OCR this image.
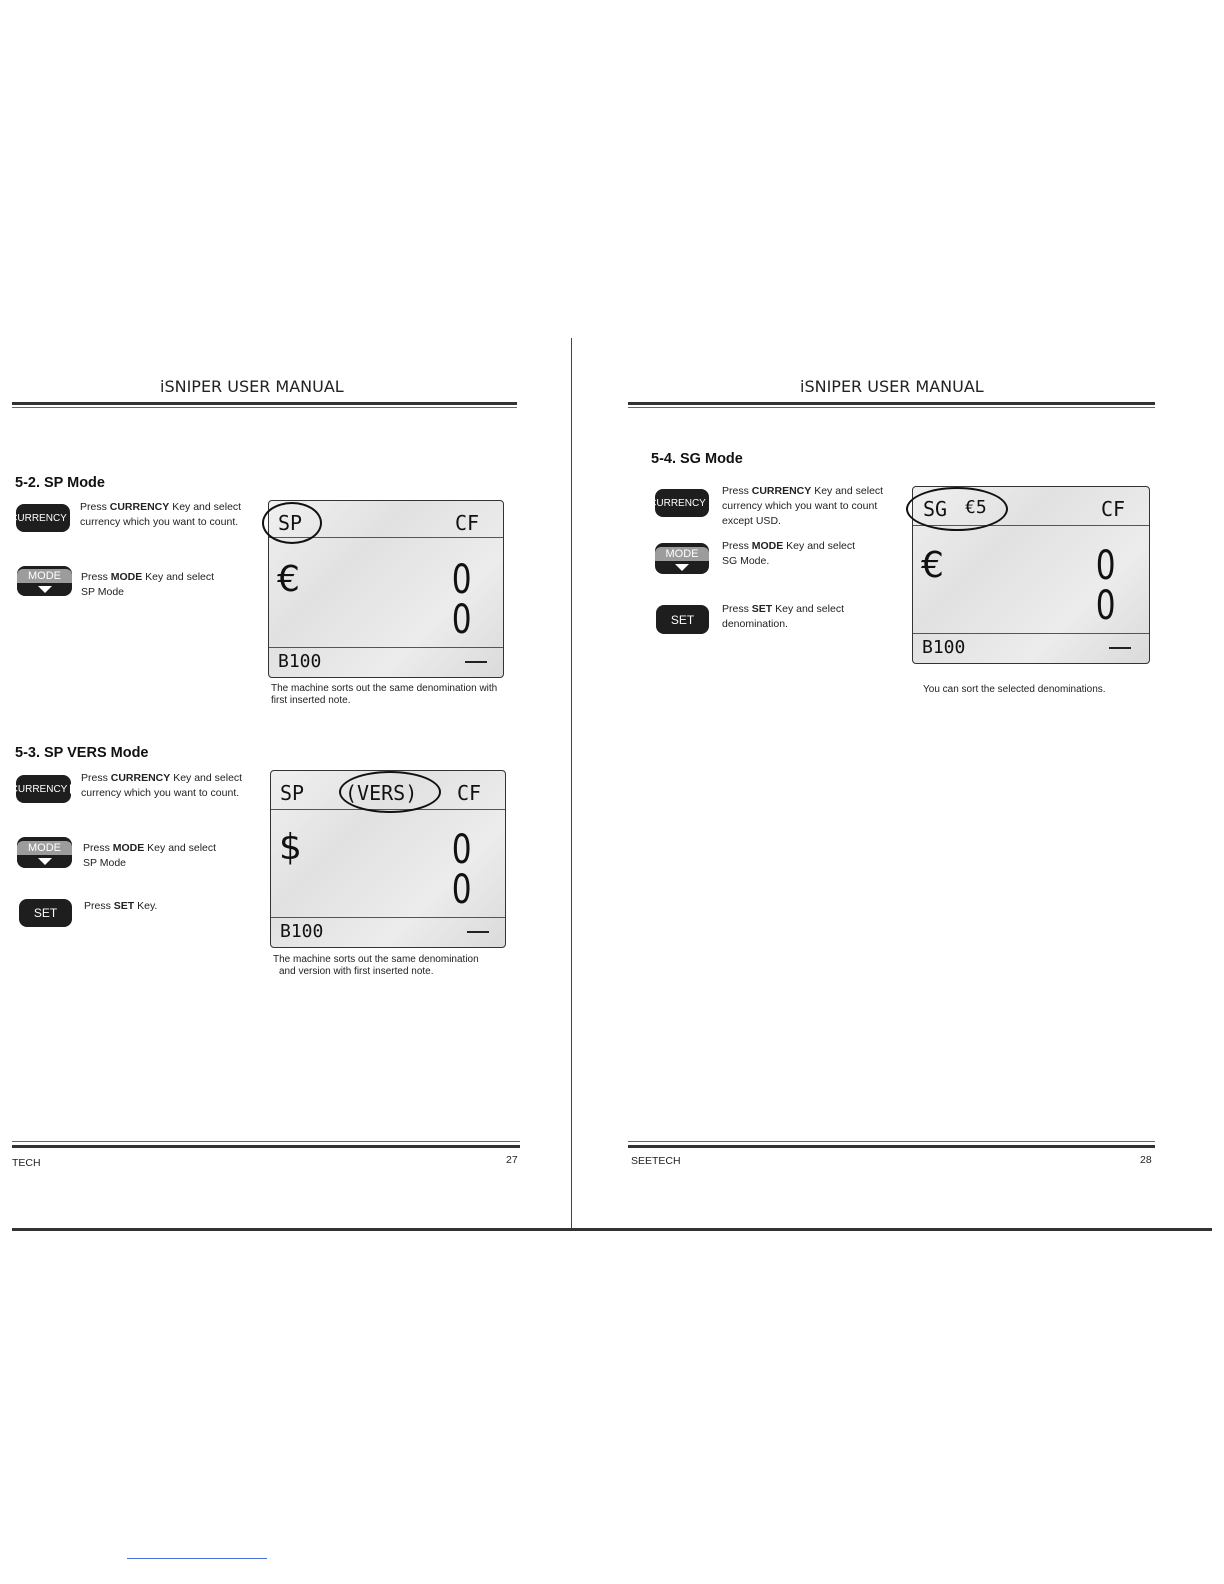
iSNIPER USER MANUAL
5-2. SP Mode
CURRENCY
Press CURRENCY Key and select currency which you want to count.
MODE	Press MODE Key and select
SP Mode
SP	CF
€	0
0
B100
The machine sorts out the same denomination with first inserted note.
5-3. SP VERS Mode
CURRENCY
Press CURRENCY Key and select currency which you want to count.
MODE	Press MODE Key and select
SP Mode
SET	Press SET Key.
SP (VERS) CF
$	0
0
B100
The machine sorts out the same denomination
and version with first inserted note.
TECH	27
iSNIPER USER MANUAL
5-4. SG Mode
CURRENCY
Press CURRENCY Key and select currency which you want to count except USD.
MODE
Press MODE Key and select
SG Mode.
SET
Press SET Key and select
denomination.
SG €5	CF
€	0
0
B100
You can sort the selected denominations.
SEETECH	28
